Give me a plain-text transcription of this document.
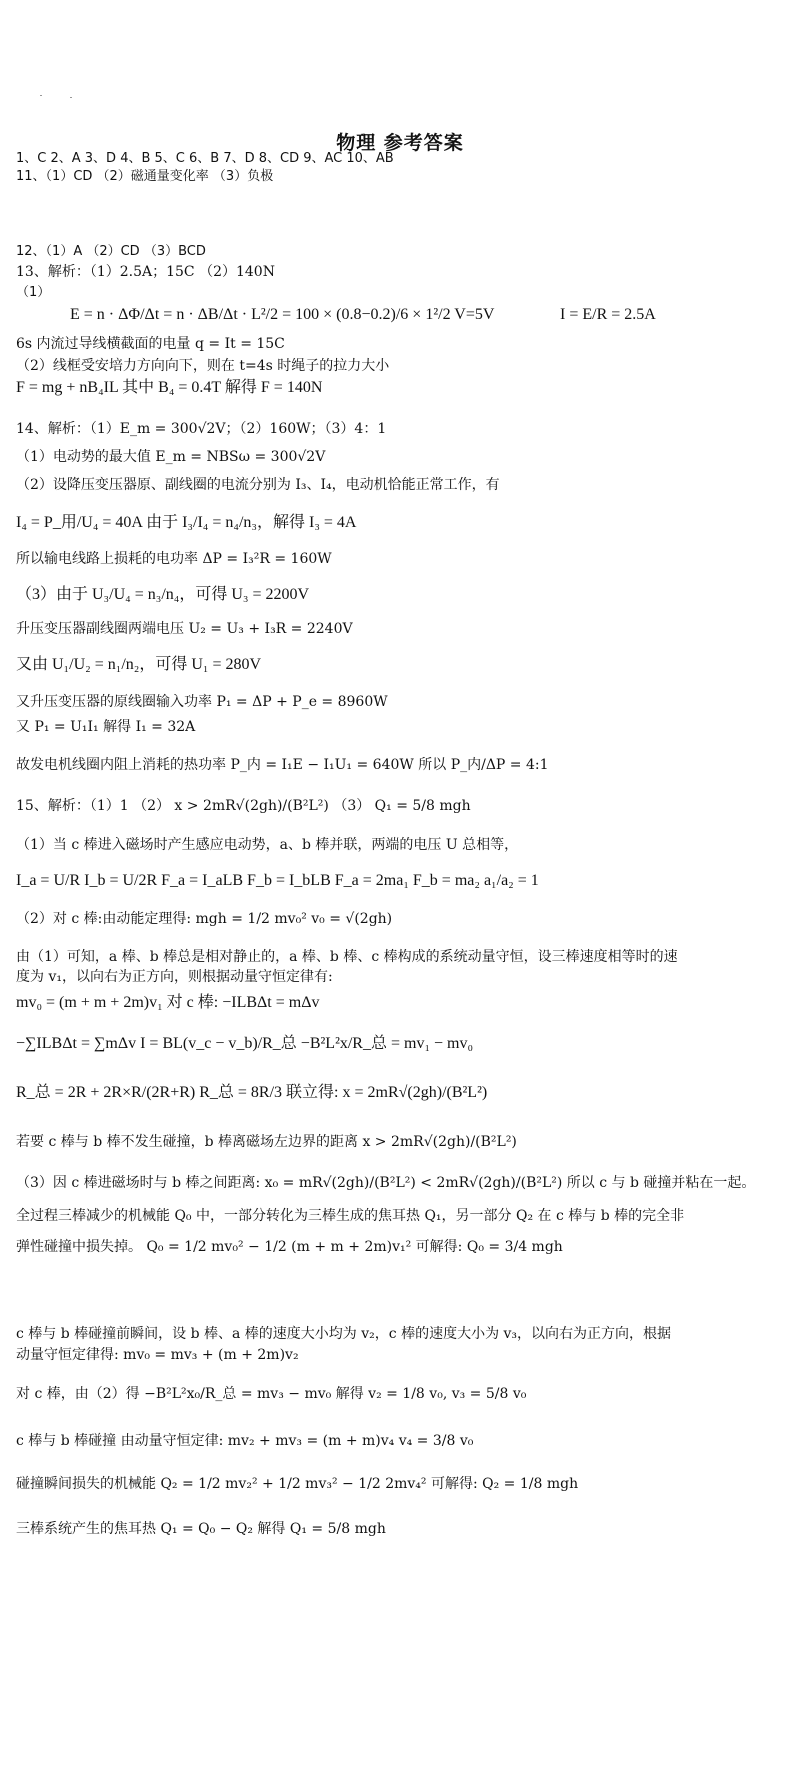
物理 参考答案
1、C 2、A 3、D 4、B 5、C 6、B 7、D 8、CD 9、AC 10、AB
11、（1）CD （2）磁通量变化率 （3）负极
12、（1）A （2）CD （3）BCD
13、解析：（1）2.5A；15C （2）140N
（1）
E = n · ΔΦ/Δt = n · ΔB/Δt · L²/2 = 100 × (0.8−0.2)/6 × 1²/2 V=5V	I = E/R = 2.5A
6s 内流过导线横截面的电量 q = It = 15C
（2）线框受安培力方向向下，则在 t=4s 时绳子的拉力大小
F = mg + nB₄IL 其中 B₄ = 0.4T 解得 F = 140N
14、解析：（1）E_m = 300√2V；（2）160W；（3）4：1
（1）电动势的最大值 E_m = NBSω = 300√2V
（2）设降压变压器原、副线圈的电流分别为 I₃、I₄，电动机恰能正常工作，有
I₄ = P_用/U₄ = 40A 由于 I₃/I₄ = n₄/n₃，解得 I₃ = 4A
所以输电线路上损耗的电功率 ΔP = I₃²R = 160W
（3）由于 U₃/U₄ = n₃/n₄，可得 U₃ = 2200V
升压变压器副线圈两端电压 U₂ = U₃ + I₃R = 2240V
又由 U₁/U₂ = n₁/n₂，可得 U₁ = 280V
又升压变压器的原线圈输入功率 P₁ = ΔP + P_e = 8960W
又 P₁ = U₁I₁ 解得 I₁ = 32A
故发电机线圈内阻上消耗的热功率 P_内 = I₁E − I₁U₁ = 640W 所以 P_内/ΔP = 4:1
15、解析：（1）1 （2） x > 2mR√(2gh)/(B²L²) （3） Q₁ = 5/8 mgh
（1）当 c 棒进入磁场时产生感应电动势，a、b 棒并联，两端的电压 U 总相等，
I_a = U/R I_b = U/2R F_a = I_aLB F_b = I_bLB F_a = 2ma₁ F_b = ma₂ a₁/a₂ = 1
（2）对 c 棒:由动能定理得: mgh = 1/2 mv₀² v₀ = √(2gh)
由（1）可知，a 棒、b 棒总是相对静止的，a 棒、b 棒、c 棒构成的系统动量守恒，设三棒速度相等时的速
度为 v₁，以向右为正方向，则根据动量守恒定律有:
mv₀ = (m + m + 2m)v₁ 对 c 棒: −ILBΔt = mΔv
−∑ILBΔt = ∑mΔv I = BL(v_c − v_b)/R_总 −B²L²x/R_总 = mv₁ − mv₀
R_总 = 2R + 2R×R/(2R+R) R_总 = 8R/3 联立得: x = 2mR√(2gh)/(B²L²)
若要 c 棒与 b 棒不发生碰撞，b 棒离磁场左边界的距离 x > 2mR√(2gh)/(B²L²)
（3）因 c 棒进磁场时与 b 棒之间距离: x₀ = mR√(2gh)/(B²L²) < 2mR√(2gh)/(B²L²) 所以 c 与 b 碰撞并粘在一起。
全过程三棒减少的机械能 Q₀ 中，一部分转化为三棒生成的焦耳热 Q₁，另一部分 Q₂ 在 c 棒与 b 棒的完全非
弹性碰撞中损失掉。 Q₀ = 1/2 mv₀² − 1/2 (m + m + 2m)v₁² 可解得: Q₀ = 3/4 mgh
c 棒与 b 棒碰撞前瞬间，设 b 棒、a 棒的速度大小均为 v₂，c 棒的速度大小为 v₃，以向右为正方向，根据
动量守恒定律得: mv₀ = mv₃ + (m + 2m)v₂
对 c 棒，由（2）得 −B²L²x₀/R_总 = mv₃ − mv₀ 解得 v₂ = 1/8 v₀, v₃ = 5/8 v₀
c 棒与 b 棒碰撞 由动量守恒定律: mv₂ + mv₃ = (m + m)v₄ v₄ = 3/8 v₀
碰撞瞬间损失的机械能 Q₂ = 1/2 mv₂² + 1/2 mv₃² − 1/2 2mv₄² 可解得: Q₂ = 1/8 mgh
三棒系统产生的焦耳热 Q₁ = Q₀ − Q₂ 解得 Q₁ = 5/8 mgh
